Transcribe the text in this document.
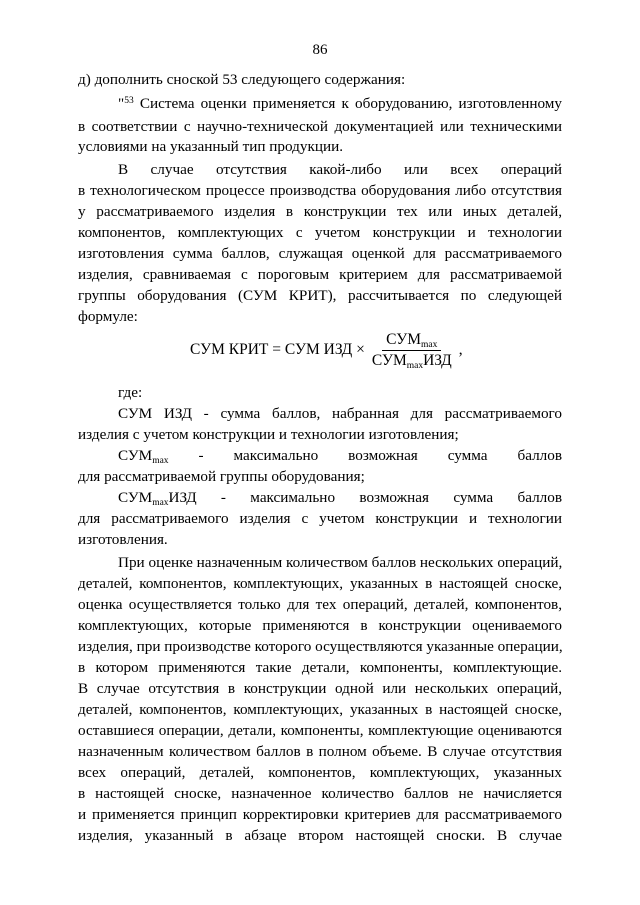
86
д) дополнить сноской 53 следующего содержания:
"$^{53}$ Система оценки применяется к оборудованию, изготовленному
в соответствии с научно-технической документацией или техническими
условиями на указанный тип продукции.
В случае отсутствия какой-либо или всех операций
в технологическом процессе производства оборудования либо отсутствия
у рассматриваемого изделия в конструкции тех или иных деталей,
компонентов, комплектующих с учетом конструкции и технологии
изготовления сумма баллов, служащая оценкой для рассматриваемого
изделия, сравниваемая с пороговым критерием для рассматриваемой
группы оборудования (СУМ КРИТ), рассчитывается по следующей
формуле:
СУМ КРИТ = СУМ ИЗД × $\frac{СУМ_{max}}{СУМ_{max}ИЗД}$ ,
где:
СУМ ИЗД - сумма баллов, набранная для рассматриваемого
изделия с учетом конструкции и технологии изготовления;
$СУМ_{max}$ - максимально возможная сумма баллов
для рассматриваемой группы оборудования;
$СУМ_{max}ИЗД$ - максимально возможная сумма баллов
для рассматриваемого изделия с учетом конструкции и технологии
изготовления.
При оценке назначенным количеством баллов нескольких операций,
деталей, компонентов, комплектующих, указанных в настоящей сноске,
оценка осуществляется только для тех операций, деталей, компонентов,
комплектующих, которые применяются в конструкции оцениваемого
изделия, при производстве которого осуществляются указанные операции,
в котором применяются такие детали, компоненты, комплектующие.
В случае отсутствия в конструкции одной или нескольких операций,
деталей, компонентов, комплектующих, указанных в настоящей сноске,
оставшиеся операции, детали, компоненты, комплектующие оцениваются
назначенным количеством баллов в полном объеме. В случае отсутствия
всех операций, деталей, компонентов, комплектующих, указанных
в настоящей сноске, назначенное количество баллов не начисляется
и применяется принцип корректировки критериев для рассматриваемого
изделия, указанный в абзаце втором настоящей сноски. В случае
